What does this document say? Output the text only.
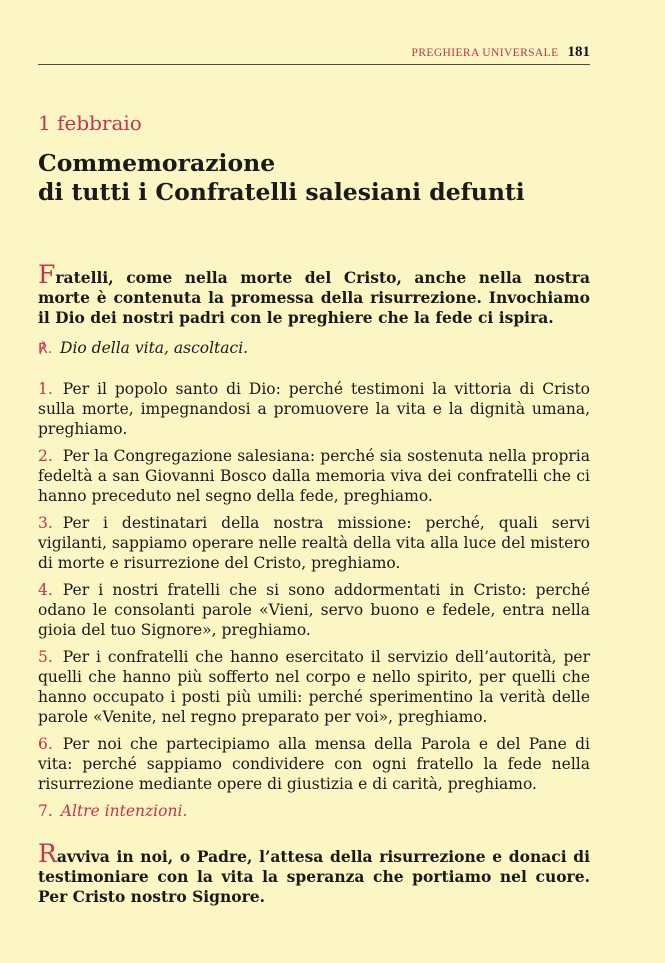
PREGHIERA UNIVERSALE 181
1 febbraio
Commemorazione
di tutti i Confratelli salesiani defunti
Fratelli, come nella morte del Cristo, anche nella nostra morte è contenuta la promessa della risurrezione. Invochiamo il Dio dei nostri padri con le preghiere che la fede ci ispira.
℟. Dio della vita, ascoltaci.
1. Per il popolo santo di Dio: perché testimoni la vittoria di Cristo sulla morte, impegnandosi a promuovere la vita e la dignità umana, preghiamo.
2. Per la Congregazione salesiana: perché sia sostenuta nella propria fedeltà a san Giovanni Bosco dalla memoria viva dei confratelli che ci hanno preceduto nel segno della fede, preghiamo.
3. Per i destinatari della nostra missione: perché, quali servi vigilanti, sappiamo operare nelle realtà della vita alla luce del mistero di morte e risurrezione del Cristo, preghiamo.
4. Per i nostri fratelli che si sono addormentati in Cristo: perché odano le consolanti parole «Vieni, servo buono e fedele, entra nella gioia del tuo Signore», preghiamo.
5. Per i confratelli che hanno esercitato il servizio dell’autorità, per quelli che hanno più sofferto nel corpo e nello spirito, per quelli che hanno occupato i posti più umili: perché sperimentino la verità delle parole «Venite, nel regno preparato per voi», preghiamo.
6. Per noi che partecipiamo alla mensa della Parola e del Pane di vita: perché sappiamo condividere con ogni fratello la fede nella risurrezione mediante opere di giustizia e di carità, preghiamo.
7. Altre intenzioni.
Ravviva in noi, o Padre, l’attesa della risurrezione e donaci di testimoniare con la vita la speranza che portiamo nel cuore. Per Cristo nostro Signore.
